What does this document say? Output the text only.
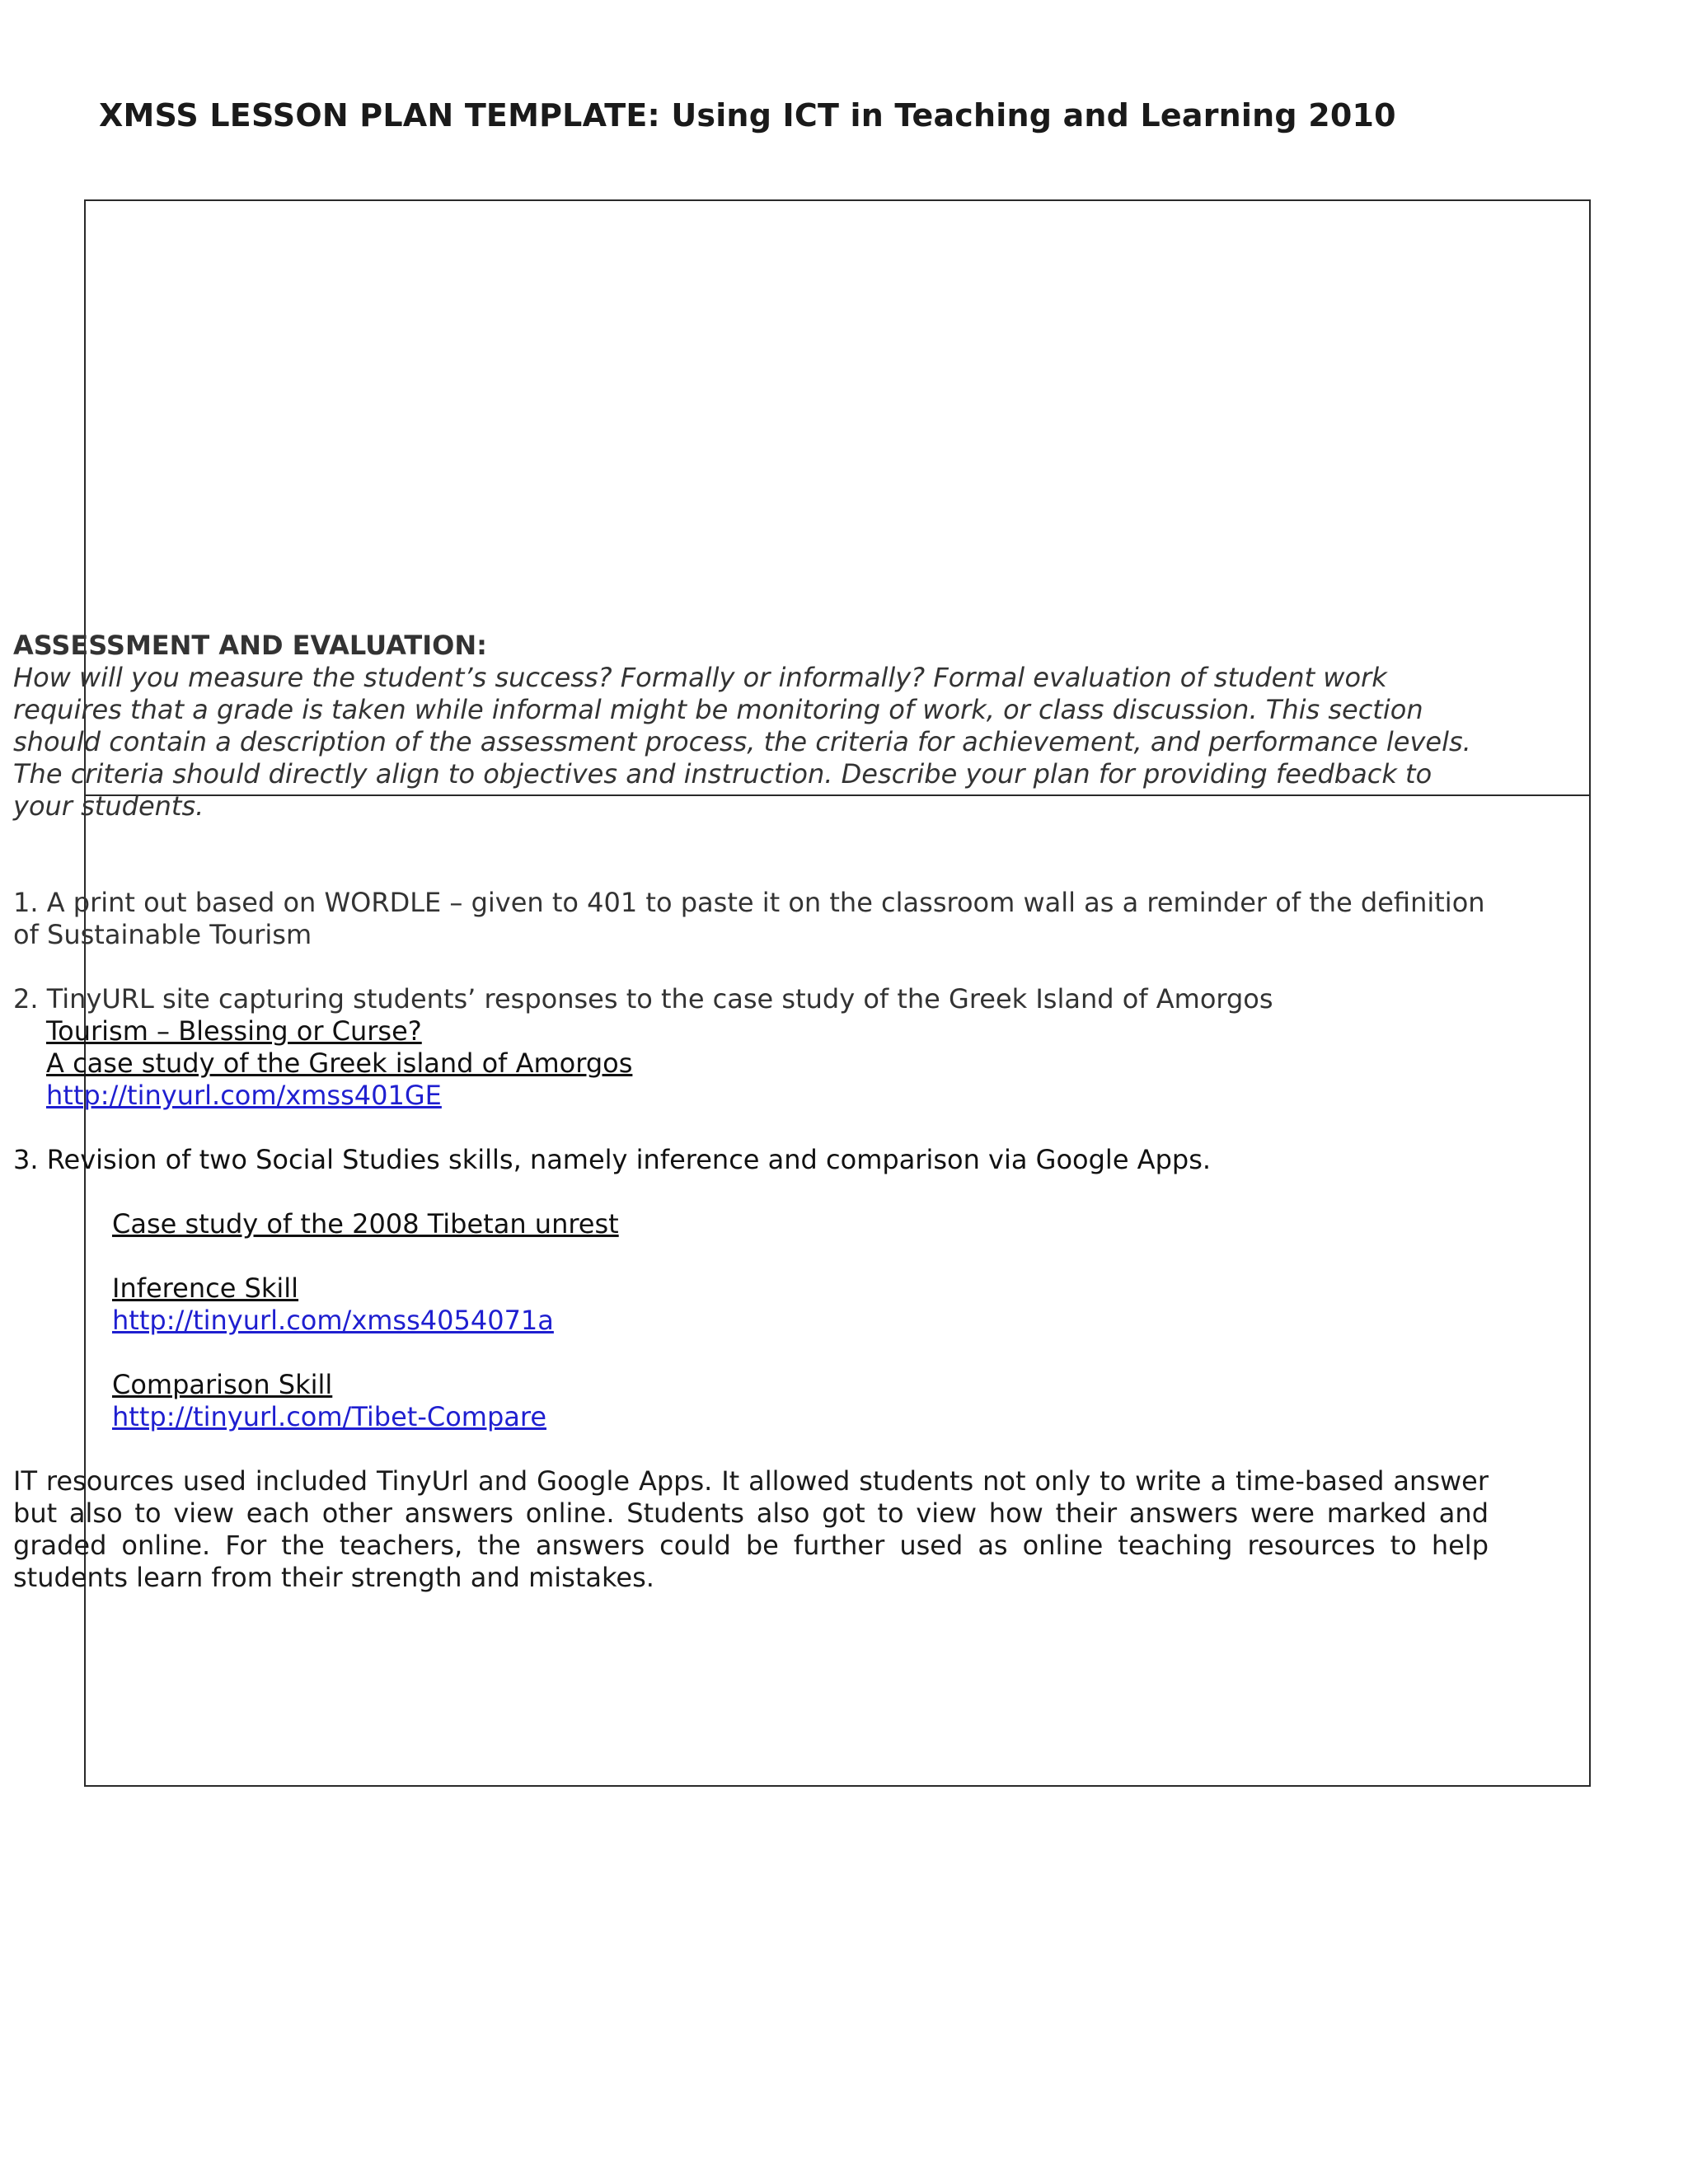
XMSS LESSON PLAN TEMPLATE: Using ICT in Teaching and Learning 2010

ASSESSMENT AND EVALUATION:

How will you measure the student’s success? Formally or informally? Formal evaluation of student work requires that a grade is taken while informal might be monitoring of work, or class discussion. This section should contain a description of the assessment process, the criteria for achievement, and performance levels. The criteria should directly align to objectives and instruction. Describe your plan for providing feedback to your students.

1. A print out based on WORDLE – given to 401 to paste it on the classroom wall as a reminder of the definition of Sustainable Tourism

2. TinyURL site capturing students’ responses to the case study of the Greek Island of Amorgos

Tourism – Blessing or Curse?

A case study of the Greek island of Amorgos

http://tinyurl.com/xmss401GE

3. Revision of two Social Studies skills, namely inference and comparison via Google Apps.

Case study of the 2008 Tibetan unrest

Inference Skill

http://tinyurl.com/xmss4054071a

Comparison Skill

http://tinyurl.com/Tibet-Compare

IT resources used included TinyUrl and Google Apps. It allowed students not only to write a time-based answer but also to view each other answers online. Students also got to view how their answers were marked and graded online. For the teachers, the answers could be further used as online teaching resources to help students learn from their strength and mistakes.
